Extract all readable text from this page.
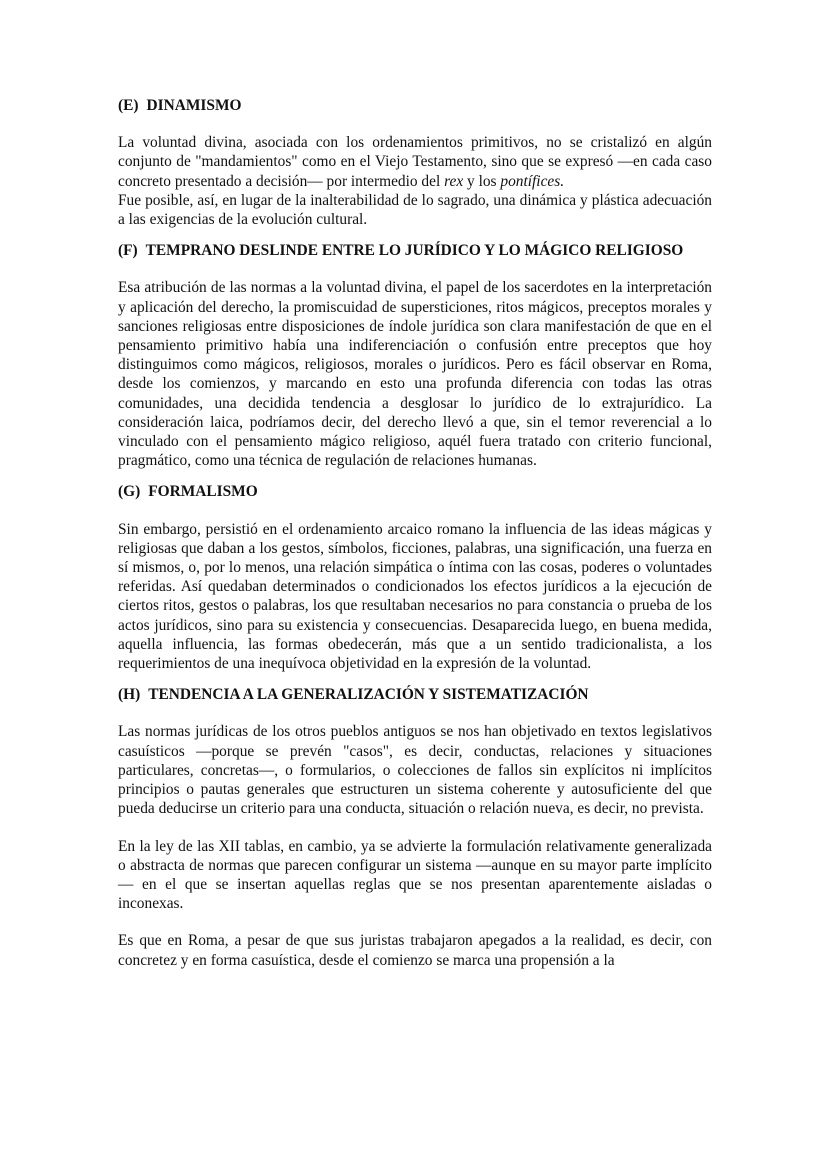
(E) DINAMISMO

La voluntad divina, asociada con los ordenamientos primitivos, no se cristalizó en algún conjunto de "mandamientos" como en el Viejo Testamento, sino que se expresó —en cada caso concreto presentado a decisión— por intermedio del rex y los pontífices.

Fue posible, así, en lugar de la inalterabilidad de lo sagrado, una dinámica y plástica adecuación a las exigencias de la evolución cultural.

(F) TEMPRANO DESLINDE ENTRE LO JURÍDICO Y LO MÁGICO RELIGIOSO

Esa atribución de las normas a la voluntad divina, el papel de los sacerdotes en la interpretación y aplicación del derecho, la promiscuidad de supersticiones, ritos mágicos, preceptos morales y sanciones religiosas entre disposiciones de índole jurídica son clara manifestación de que en el pensamiento primitivo había una indiferenciación o confusión entre preceptos que hoy distinguimos como mágicos, religiosos, morales o jurídicos. Pero es fácil observar en Roma, desde los comienzos, y marcando en esto una profunda diferencia con todas las otras comunidades, una decidida tendencia a desglosar lo jurídico de lo extrajurídico. La consideración laica, podríamos decir, del derecho llevó a que, sin el temor reverencial a lo vinculado con el pensamiento mágico religioso, aquél fuera tratado con criterio funcional, pragmático, como una técnica de regulación de relaciones humanas.

(G) FORMALISMO

Sin embargo, persistió en el ordenamiento arcaico romano la influencia de las ideas mágicas y religiosas que daban a los gestos, símbolos, ficciones, palabras, una significación, una fuerza en sí mismos, o, por lo menos, una relación simpática o íntima con las cosas, poderes o voluntades referidas. Así quedaban determinados o condicionados los efectos jurídicos a la ejecución de ciertos ritos, gestos o palabras, los que resultaban necesarios no para constancia o prueba de los actos jurídicos, sino para su existencia y consecuencias. Desaparecida luego, en buena medida, aquella influencia, las formas obedecerán, más que a un sentido tradicionalista, a los requerimientos de una inequívoca objetividad en la expresión de la voluntad.

(H) TENDENCIA A LA GENERALIZACIÓN Y SISTEMATIZACIÓN

Las normas jurídicas de los otros pueblos antiguos se nos han objetivado en textos legislativos casuísticos —porque se prevén "casos", es decir, conductas, relaciones y situaciones particulares, concretas—, o formularios, o colecciones de fallos sin explícitos ni implícitos principios o pautas generales que estructuren un sistema coherente y autosuficiente del que pueda deducirse un criterio para una conducta, situación o relación nueva, es decir, no prevista.

En la ley de las XII tablas, en cambio, ya se advierte la formulación relativamente generalizada o abstracta de normas que parecen configurar un sistema —aunque en su mayor parte implícito— en el que se insertan aquellas reglas que se nos presentan aparentemente aisladas o inconexas.

Es que en Roma, a pesar de que sus juristas trabajaron apegados a la realidad, es decir, con concretez y en forma casuística, desde el comienzo se marca una propensión a la
